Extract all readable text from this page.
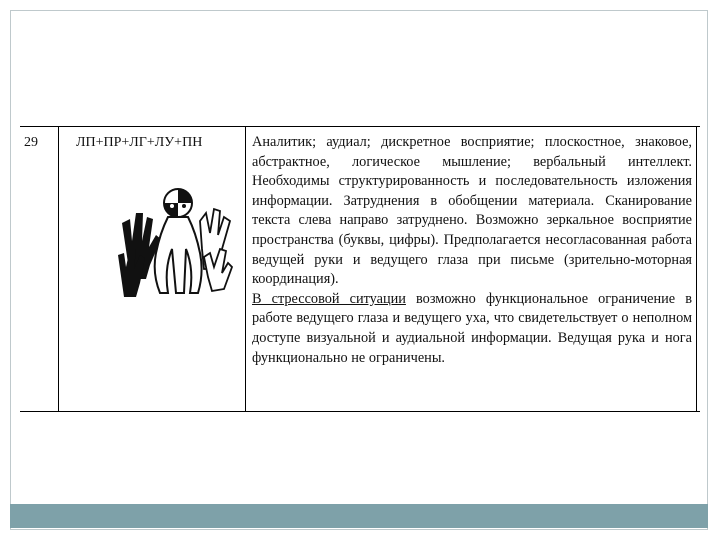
29	ЛП+ПР+ЛГ+ЛУ+ПН	Аналитик; аудиал; дискретное восприятие; плоскостное, знаковое, абстрактное, логическое мышление; вербальный интеллект. Необходимы структурированность и последовательность изложения информации. Затруднения в обобщении материала. Сканирование текста слева направо затруднено. Возможно зеркальное восприятие пространства (буквы, цифры). Предполагается несогласованная работа ведущей руки и ведущего глаза при письме (зрительно-моторная координация).

В стрессовой ситуации возможно функциональное ограничение в работе ведущего глаза и ведущего уха, что свидетельствует о неполном доступе визуальной и аудиальной информации. Ведущая рука и нога функционально не ограничены.
